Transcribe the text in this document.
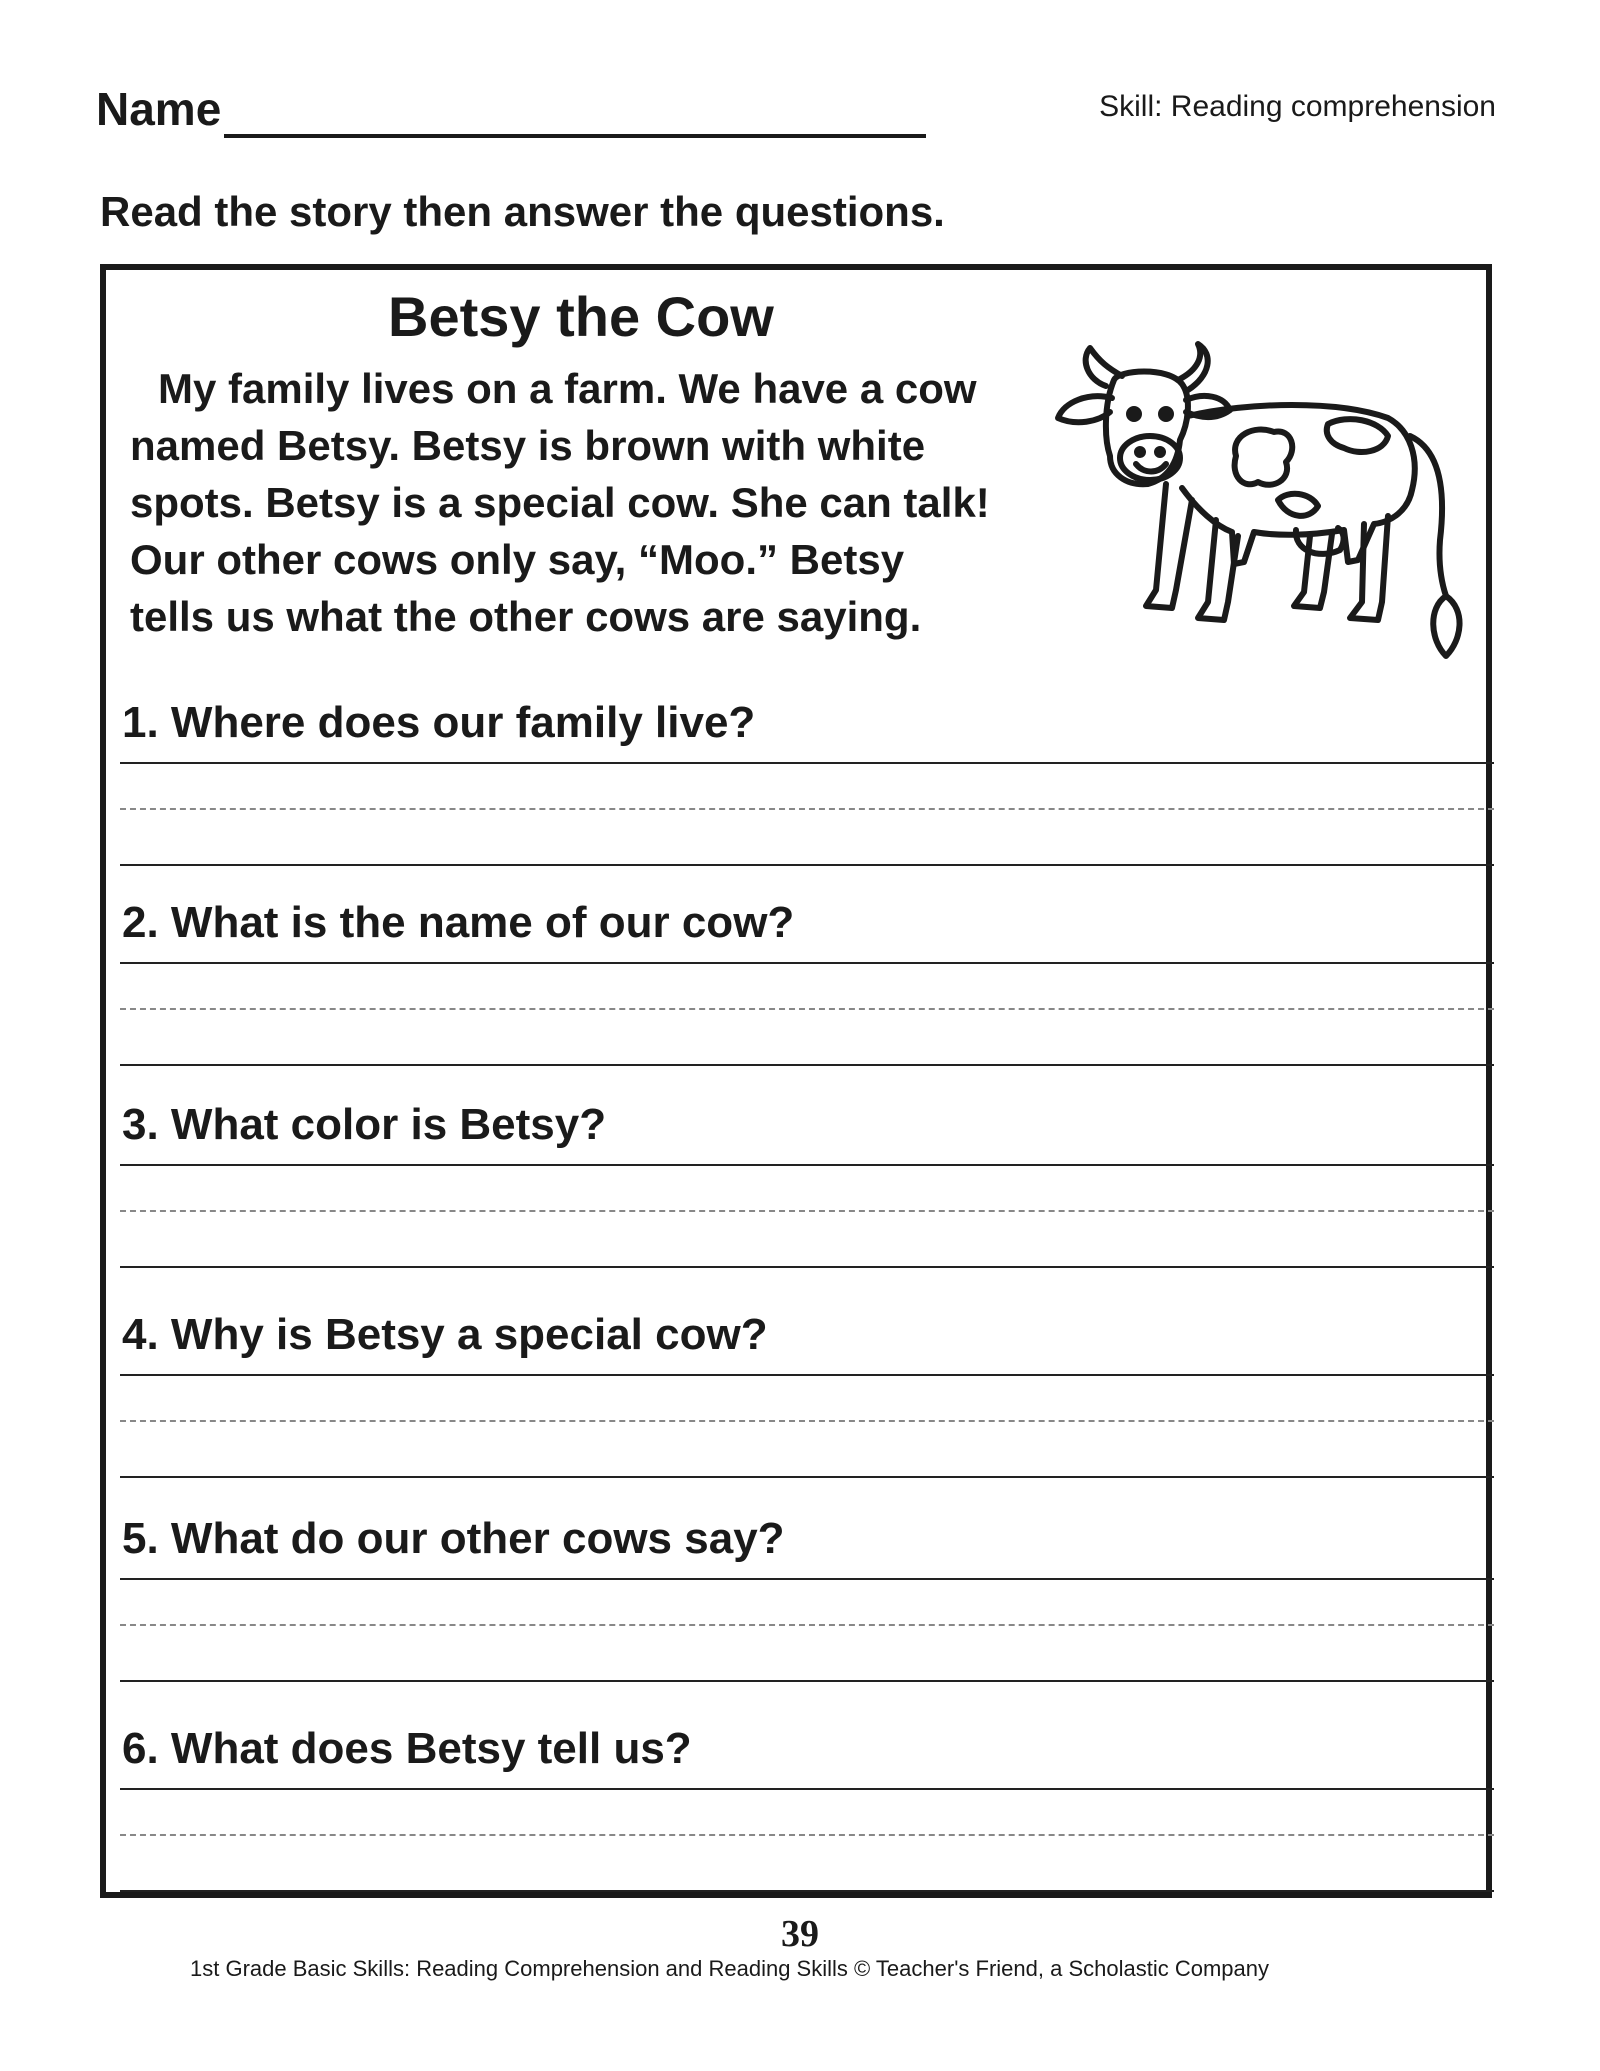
Name	Skill: Reading comprehension
Read the story then answer the questions.
Betsy the Cow

My family lives on a farm. We have a cow

named Betsy. Betsy is brown with white

spots. Betsy is a special cow. She can talk!

Our other cows only say, “Moo.” Betsy

tells us what the other cows are saying.

1. Where does our family live?
2. What is the name of our cow?
3. What color is Betsy?
4. Why is Betsy a special cow?
5. What do our other cows say?
6. What does Betsy tell us?
39
1st Grade Basic Skills: Reading Comprehension and Reading Skills © Teacher's Friend, a Scholastic Company
